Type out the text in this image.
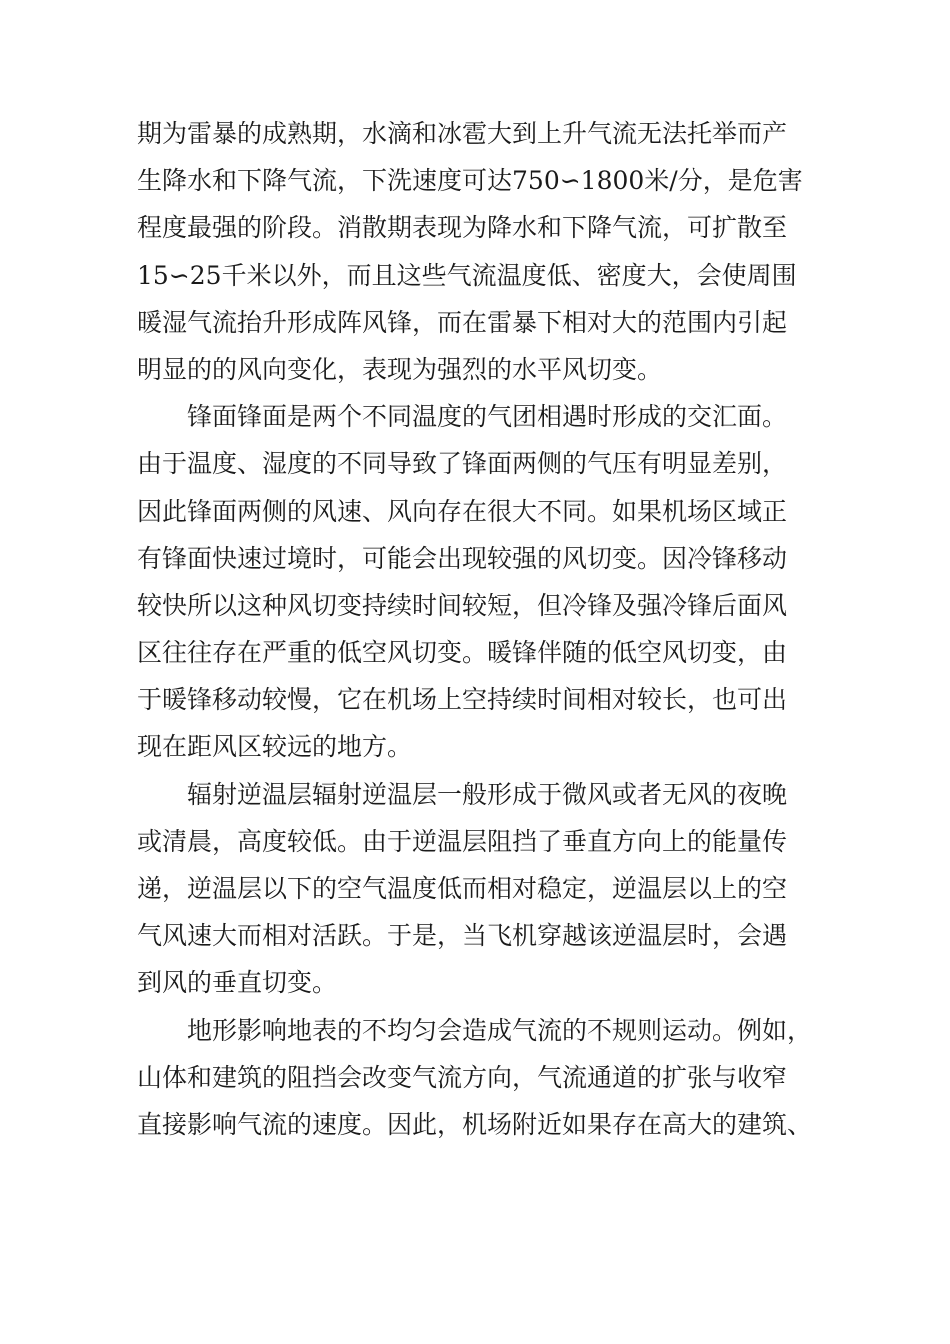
期为雷暴的成熟期，水滴和冰雹大到上升气流无法托举而产
生降水和下降气流，下洗速度可达750∽1800米/分，是危害
程度最强的阶段。消散期表现为降水和下降气流，可扩散至
15∽25千米以外，而且这些气流温度低、密度大，会使周围
暖湿气流抬升形成阵风锋，而在雷暴下相对大的范围内引起
明显的的风向变化，表现为强烈的水平风切变。
锋面锋面是两个不同温度的气团相遇时形成的交汇面。
由于温度、湿度的不同导致了锋面两侧的气压有明显差别，
因此锋面两侧的风速、风向存在很大不同。如果机场区域正
有锋面快速过境时，可能会出现较强的风切变。因冷锋移动
较快所以这种风切变持续时间较短，但冷锋及强冷锋后面风
区往往存在严重的低空风切变。暖锋伴随的低空风切变，由
于暖锋移动较慢，它在机场上空持续时间相对较长，也可出
现在距风区较远的地方。
辐射逆温层辐射逆温层一般形成于微风或者无风的夜晚
或清晨，高度较低。由于逆温层阻挡了垂直方向上的能量传
递，逆温层以下的空气温度低而相对稳定，逆温层以上的空
气风速大而相对活跃。于是，当飞机穿越该逆温层时，会遇
到风的垂直切变。
地形影响地表的不均匀会造成气流的不规则运动。例如，
山体和建筑的阻挡会改变气流方向，气流通道的扩张与收窄
直接影响气流的速度。因此，机场附近如果存在高大的建筑、
